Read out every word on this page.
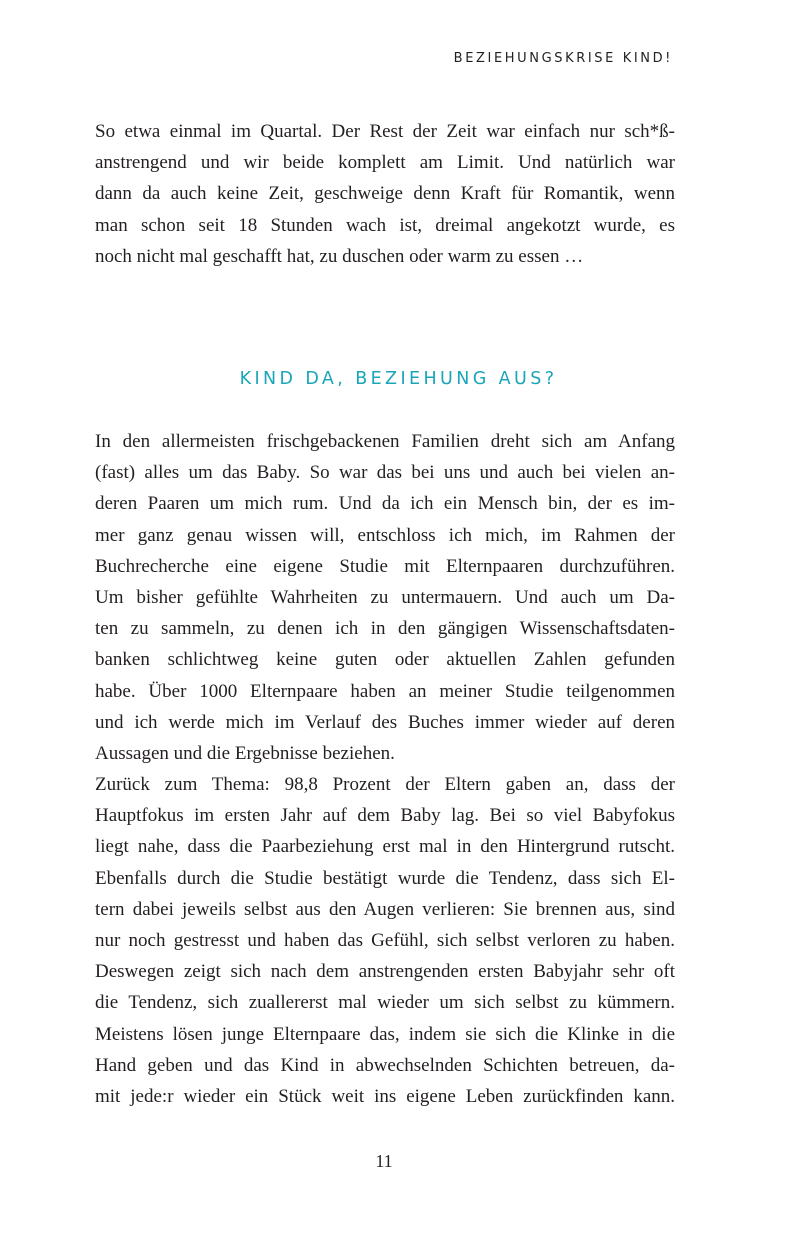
BEZIEHUNGSKRISE KIND!
So etwa einmal im Quartal. Der Rest der Zeit war einfach nur sch*ß-
anstrengend und wir beide komplett am Limit. Und natürlich war
dann da auch keine Zeit, geschweige denn Kraft für Romantik, wenn
man schon seit 18 Stunden wach ist, dreimal angekotzt wurde, es
noch nicht mal geschafft hat, zu duschen oder warm zu essen …
KIND DA, BEZIEHUNG AUS?
In den allermeisten frischgebackenen Familien dreht sich am Anfang
(fast) alles um das Baby. So war das bei uns und auch bei vielen an-
deren Paaren um mich rum. Und da ich ein Mensch bin, der es im-
mer ganz genau wissen will, entschloss ich mich, im Rahmen der
Buchrecherche eine eigene Studie mit Elternpaaren durchzuführen.
Um bisher gefühlte Wahrheiten zu untermauern. Und auch um Da-
ten zu sammeln, zu denen ich in den gängigen Wissenschaftsdaten-
banken schlichtweg keine guten oder aktuellen Zahlen gefunden
habe. Über 1000 Elternpaare haben an meiner Studie teilgenommen
und ich werde mich im Verlauf des Buches immer wieder auf deren
Aussagen und die Ergebnisse beziehen.
Zurück zum Thema: 98,8 Prozent der Eltern gaben an, dass der
Hauptfokus im ersten Jahr auf dem Baby lag. Bei so viel Babyfokus
liegt nahe, dass die Paarbeziehung erst mal in den Hintergrund rutscht.
Ebenfalls durch die Studie bestätigt wurde die Tendenz, dass sich El-
tern dabei jeweils selbst aus den Augen verlieren: Sie brennen aus, sind
nur noch gestresst und haben das Gefühl, sich selbst verloren zu haben.
Deswegen zeigt sich nach dem anstrengenden ersten Babyjahr sehr oft
die Tendenz, sich zuallererst mal wieder um sich selbst zu kümmern.
Meistens lösen junge Elternpaare das, indem sie sich die Klinke in die
Hand geben und das Kind in abwechselnden Schichten betreuen, da-
mit jede:r wieder ein Stück weit ins eigene Leben zurückfinden kann.
11
